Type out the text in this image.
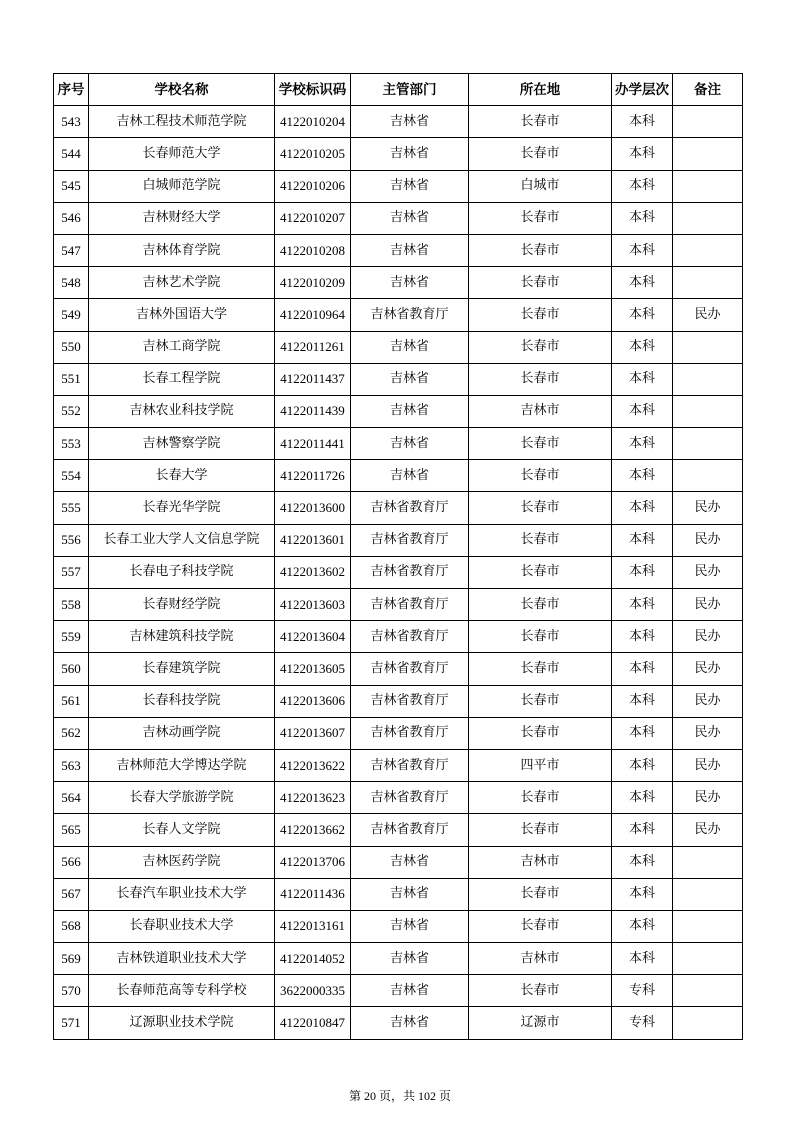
序号	学校名称	学校标识码	主管部门	所在地	办学层次	备注
543	吉林工程技术师范学院	4122010204	吉林省	长春市	本科	
544	长春师范大学	4122010205	吉林省	长春市	本科	
545	白城师范学院	4122010206	吉林省	白城市	本科	
546	吉林财经大学	4122010207	吉林省	长春市	本科	
547	吉林体育学院	4122010208	吉林省	长春市	本科	
548	吉林艺术学院	4122010209	吉林省	长春市	本科	
549	吉林外国语大学	4122010964	吉林省教育厅	长春市	本科	民办
550	吉林工商学院	4122011261	吉林省	长春市	本科	
551	长春工程学院	4122011437	吉林省	长春市	本科	
552	吉林农业科技学院	4122011439	吉林省	吉林市	本科	
553	吉林警察学院	4122011441	吉林省	长春市	本科	
554	长春大学	4122011726	吉林省	长春市	本科	
555	长春光华学院	4122013600	吉林省教育厅	长春市	本科	民办
556	长春工业大学人文信息学院	4122013601	吉林省教育厅	长春市	本科	民办
557	长春电子科技学院	4122013602	吉林省教育厅	长春市	本科	民办
558	长春财经学院	4122013603	吉林省教育厅	长春市	本科	民办
559	吉林建筑科技学院	4122013604	吉林省教育厅	长春市	本科	民办
560	长春建筑学院	4122013605	吉林省教育厅	长春市	本科	民办
561	长春科技学院	4122013606	吉林省教育厅	长春市	本科	民办
562	吉林动画学院	4122013607	吉林省教育厅	长春市	本科	民办
563	吉林师范大学博达学院	4122013622	吉林省教育厅	四平市	本科	民办
564	长春大学旅游学院	4122013623	吉林省教育厅	长春市	本科	民办
565	长春人文学院	4122013662	吉林省教育厅	长春市	本科	民办
566	吉林医药学院	4122013706	吉林省	吉林市	本科	
567	长春汽车职业技术大学	4122011436	吉林省	长春市	本科	
568	长春职业技术大学	4122013161	吉林省	长春市	本科	
569	吉林铁道职业技术大学	4122014052	吉林省	吉林市	本科	
570	长春师范高等专科学校	3622000335	吉林省	长春市	专科	
571	辽源职业技术学院	4122010847	吉林省	辽源市	专科	
第 20 页，共 102 页
